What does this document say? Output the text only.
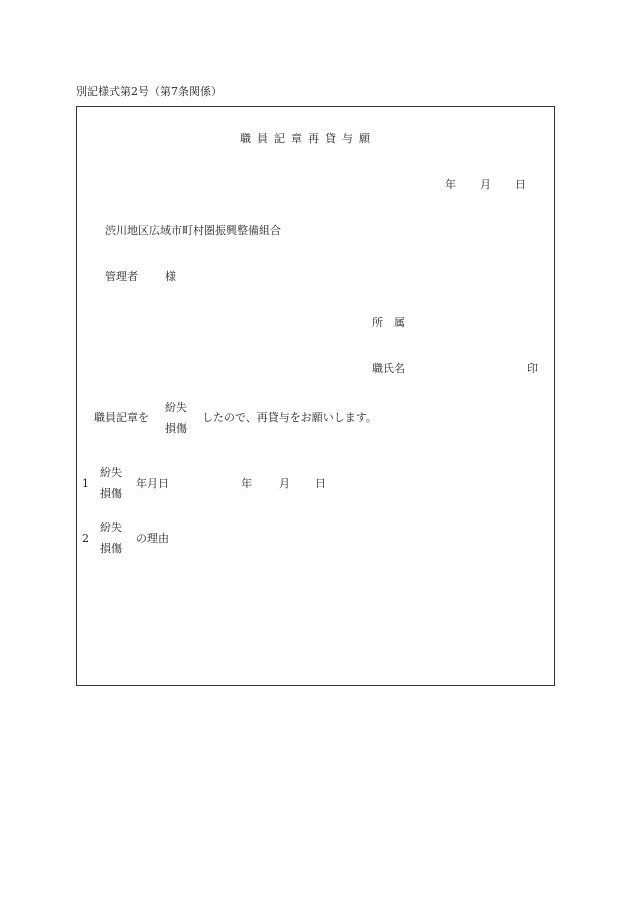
別記様式第2号（第7条関係）
職員記章再貸与願
年 月 日
渋川地区広域市町村圏振興整備組合
管理者 様
所　属
職氏名	印
職員記章を
紛失
損傷
したので、再貸与をお願いします。
1
紛失
損傷
年月日	年 月 日
2
紛失
損傷
の理由
